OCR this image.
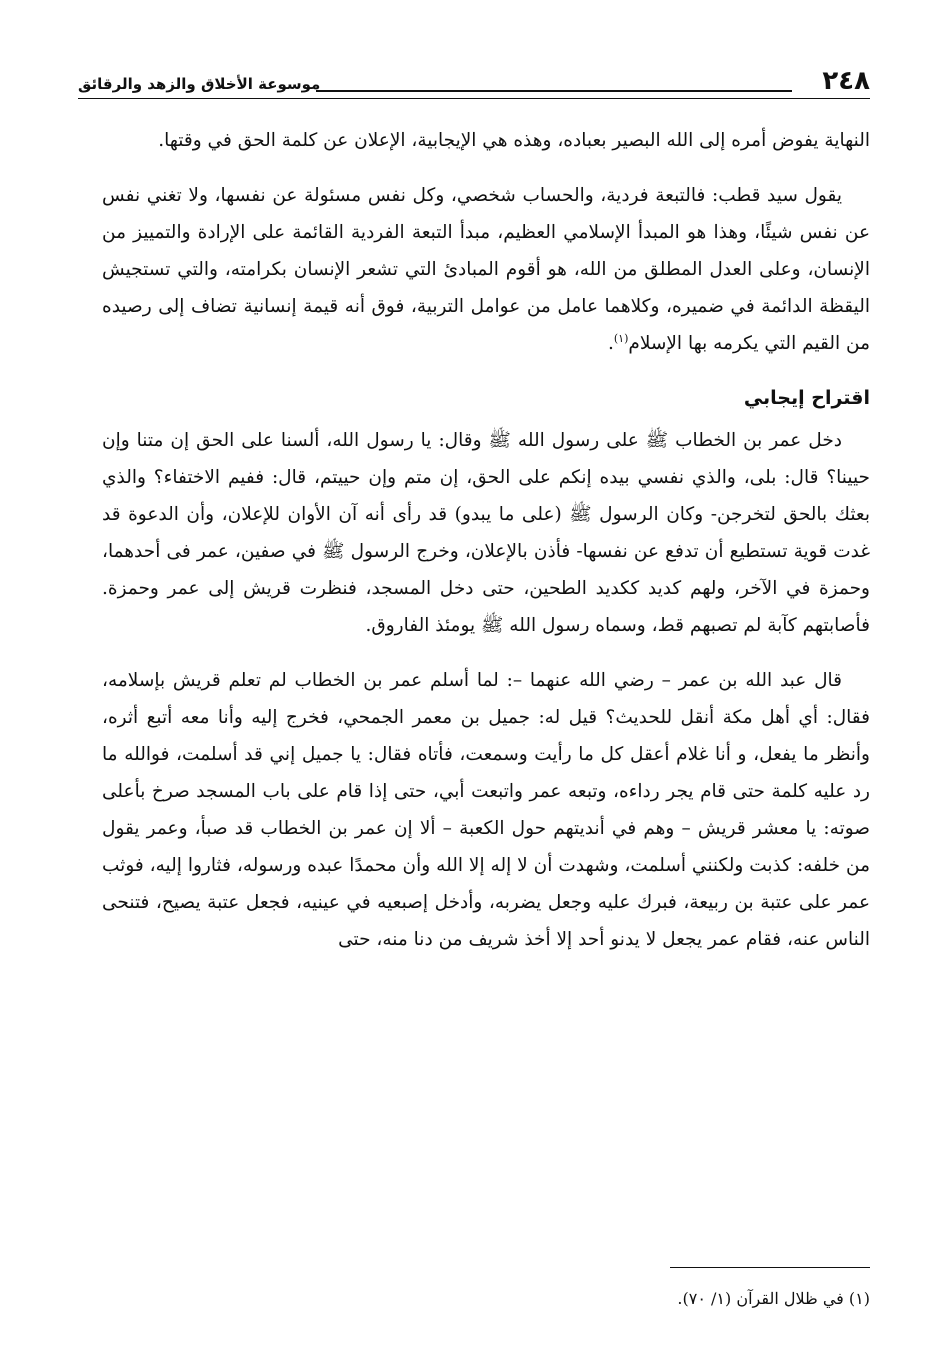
٢٤٨
موسوعة الأخلاق والزهد والرقائق

النهاية يفوض أمره إلى الله البصير بعباده، وهذه هي الإيجابية، الإعلان عن كلمة الحق في وقتها.

يقول سيد قطب: فالتبعة فردية، والحساب شخصي، وكل نفس مسئولة عن نفسها، ولا تغني نفس عن نفس شيئًا، وهذا هو المبدأ الإسلامي العظيم، مبدأ التبعة الفردية القائمة على الإرادة والتمييز من الإنسان، وعلى العدل المطلق من الله، هو أقوم المبادئ التي تشعر الإنسان بكرامته، والتي تستجيش اليقظة الدائمة في ضميره، وكلاهما عامل من عوامل التربية، فوق أنه قيمة إنسانية تضاف إلى رصيده من القيم التي يكرمه بها الإسلام$^{(١)}$.

اقتراح إيجابي

دخل عمر بن الخطاب ﷺ على رسول الله ﷺ وقال: يا رسول الله، ألسنا على الحق إن متنا وإن حيينا؟ قال: بلى، والذي نفسي بيده إنكم على الحق، إن متم وإن حييتم، قال: ففيم الاختفاء؟ والذي بعثك بالحق لتخرجن- وكان الرسول ﷺ (على ما يبدو) قد رأى أنه آن الأوان للإعلان، وأن الدعوة قد غدت قوية تستطيع أن تدفع عن نفسها- فأذن بالإعلان، وخرج الرسول ﷺ في صفين، عمر فى أحدهما، وحمزة في الآخر، ولهم كديد ككديد الطحين، حتى دخل المسجد، فنظرت قريش إلى عمر وحمزة. فأصابتهم كآبة لم تصبهم قط، وسماه رسول الله ﷺ يومئذ الفاروق.

قال عبد الله بن عمر – رضي الله عنهما –: لما أسلم عمر بن الخطاب لم تعلم قريش بإسلامه، فقال: أي أهل مكة أنقل للحديث؟ قيل له: جميل بن معمر الجمحي، فخرج إليه وأنا معه أتبع أثره، وأنظر ما يفعل، و أنا غلام أعقل كل ما رأيت وسمعت، فأتاه فقال: يا جميل إني قد أسلمت، فوالله ما رد عليه كلمة حتى قام يجر رداءه، وتبعه عمر واتبعت أبي، حتى إذا قام على باب المسجد صرخ بأعلى صوته: يا معشر قريش – وهم في أنديتهم حول الكعبة – ألا إن عمر بن الخطاب قد صبأ، وعمر يقول من خلفه: كذبت ولكنني أسلمت، وشهدت أن لا إله إلا الله وأن محمدًا عبده ورسوله، فثاروا إليه، فوثب عمر على عتبة بن ربيعة، فبرك عليه وجعل يضربه، وأدخل إصبعيه في عينيه، فجعل عتبة يصيح، فتنحى الناس عنه، فقام عمر يجعل لا يدنو أحد إلا أخذ شريف من دنا منه، حتى

(١) في ظلال القرآن (١/ ٧٠).
